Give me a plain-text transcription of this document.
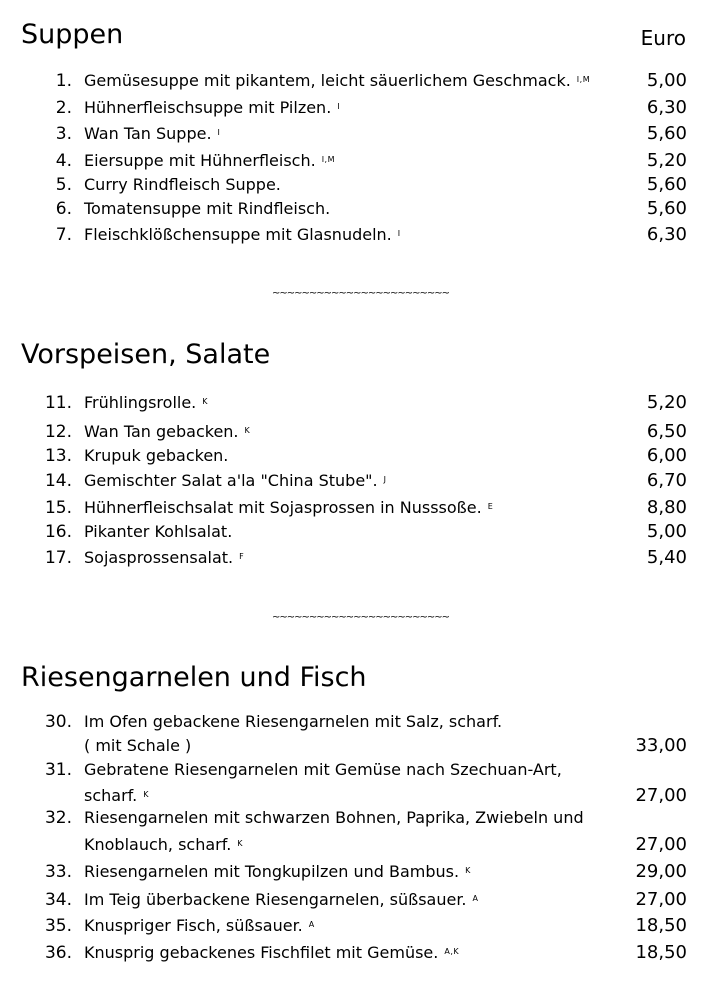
Suppen	Euro
1. Gemüsesuppe mit pikantem, leicht säuerlichem Geschmack. $^{I,M}$	5,00
2. Hühnerfleischsuppe mit Pilzen. $^I$	6,30
3. Wan Tan Suppe. $^I$	5,60
4. Eiersuppe mit Hühnerfleisch. $^{I,M}$	5,20
5. Curry Rindfleisch Suppe.	5,60
6. Tomatensuppe mit Rindfleisch.	5,60
7. Fleischklößchensuppe mit Glasnudeln. $^I$	6,30
~~~~~~~~~~~~~~~~~~~~~~~~
Vorspeisen, Salate
11. Frühlingsrolle. $^K$	5,20
12. Wan Tan gebacken. $^K$	6,50
13. Krupuk gebacken.	6,00
14. Gemischter Salat a'la "China Stube". $^J$	6,70
15. Hühnerfleischsalat mit Sojasprossen in Nusssoße. $^E$	8,80
16. Pikanter Kohlsalat.	5,00
17. Sojasprossensalat. $^F$	5,40
~~~~~~~~~~~~~~~~~~~~~~~~
Riesengarnelen und Fisch
30. Im Ofen gebackene Riesengarnelen mit Salz, scharf.
( mit Schale )	33,00
31. Gebratene Riesengarnelen mit Gemüse nach Szechuan-Art,
scharf. $^K$	27,00
32. Riesengarnelen mit schwarzen Bohnen, Paprika, Zwiebeln und
Knoblauch, scharf. $^K$	27,00
33. Riesengarnelen mit Tongkupilzen und Bambus. $^K$	29,00
34. Im Teig überbackene Riesengarnelen, süßsauer. $^A$	27,00
35. Knuspriger Fisch, süßsauer. $^A$	18,50
36. Knusprig gebackenes Fischfilet mit Gemüse. $^{A,K}$	18,50
